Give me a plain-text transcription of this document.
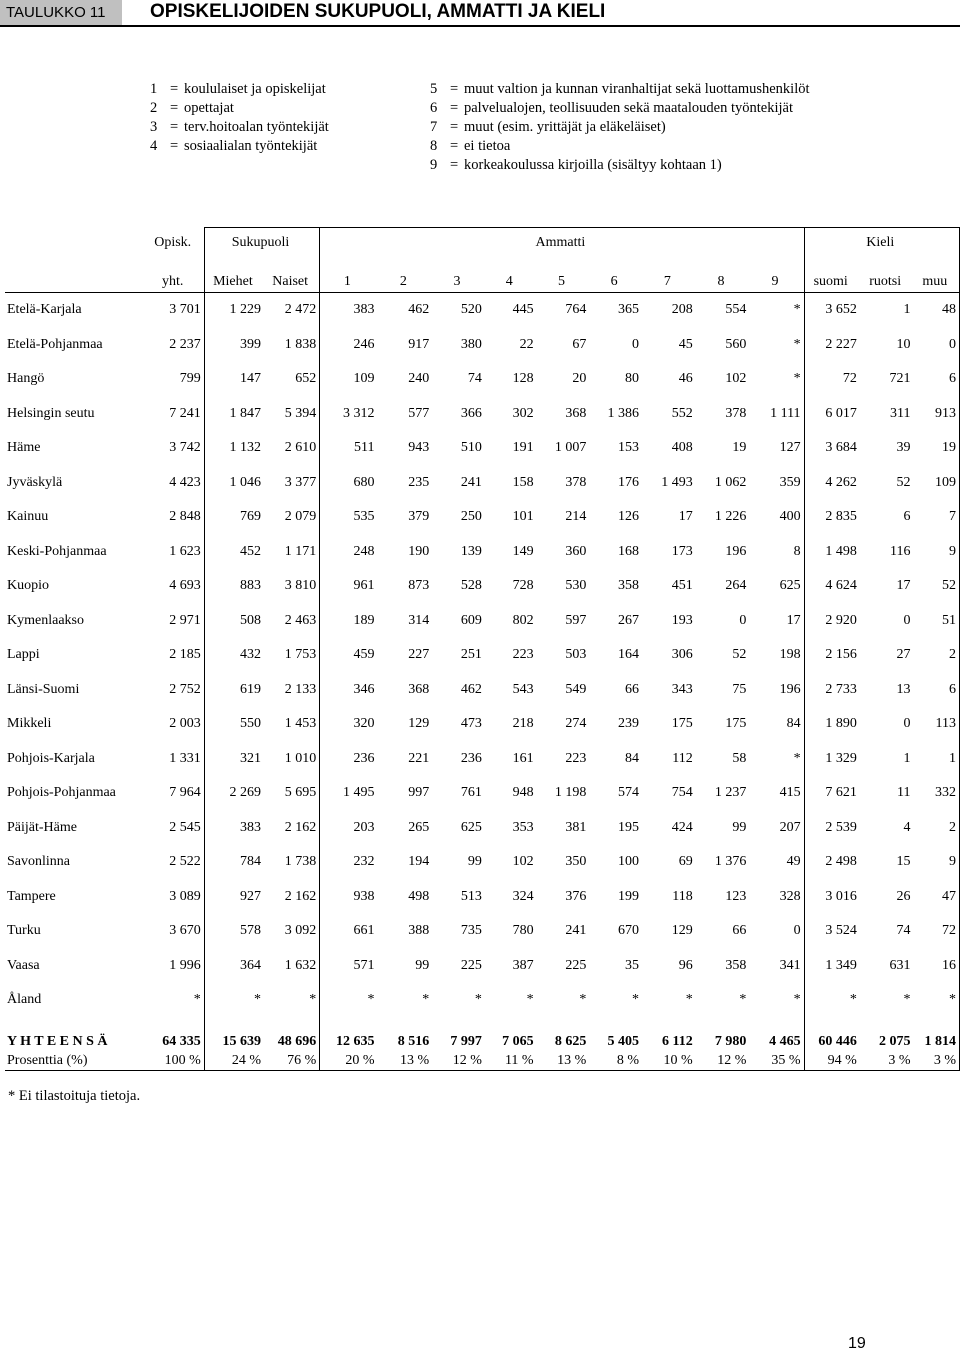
TAULUKKO 11	OPISKELIJOIDEN SUKUPUOLI, AMMATTI JA KIELI
1 = koululaiset ja opiskelijat
2 = opettajat
3 = terv.hoitoalan työntekijät
4 = sosiaalialan työntekijät
5 = muut valtion ja kunnan viranhaltijat sekä luottamushenkilöt
6 = palvelualojen, teollisuuden sekä maatalouden työntekijät
7 = muut (esim. yrittäjät ja eläkeläiset)
8 = ei tietoa
9 = korkeakoulussa kirjoilla (sisältyy kohtaan 1)
	Opisk.	Sukupuoli		Ammatti									Kieli		
	yht.	Miehet	Naiset	1	2	3	4	5	6	7	8	9	suomi	ruotsi	muu
Etelä-Karjala	3 701	1 229	2 472	383	462	520	445	764	365	208	554	*	3 652	1	48
Etelä-Pohjanmaa	2 237	399	1 838	246	917	380	22	67	0	45	560	*	2 227	10	0
Hangö	799	147	652	109	240	74	128	20	80	46	102	*	72	721	6
Helsingin seutu	7 241	1 847	5 394	3 312	577	366	302	368	1 386	552	378	1 111	6 017	311	913
Häme	3 742	1 132	2 610	511	943	510	191	1 007	153	408	19	127	3 684	39	19
Jyväskylä	4 423	1 046	3 377	680	235	241	158	378	176	1 493	1 062	359	4 262	52	109
Kainuu	2 848	769	2 079	535	379	250	101	214	126	17	1 226	400	2 835	6	7
Keski-Pohjanmaa	1 623	452	1 171	248	190	139	149	360	168	173	196	8	1 498	116	9
Kuopio	4 693	883	3 810	961	873	528	728	530	358	451	264	625	4 624	17	52
Kymenlaakso	2 971	508	2 463	189	314	609	802	597	267	193	0	17	2 920	0	51
Lappi	2 185	432	1 753	459	227	251	223	503	164	306	52	198	2 156	27	2
Länsi-Suomi	2 752	619	2 133	346	368	462	543	549	66	343	75	196	2 733	13	6
Mikkeli	2 003	550	1 453	320	129	473	218	274	239	175	175	84	1 890	0	113
Pohjois-Karjala	1 331	321	1 010	236	221	236	161	223	84	112	58	*	1 329	1	1
Pohjois-Pohjanmaa	7 964	2 269	5 695	1 495	997	761	948	1 198	574	754	1 237	415	7 621	11	332
Päijät-Häme	2 545	383	2 162	203	265	625	353	381	195	424	99	207	2 539	4	2
Savonlinna	2 522	784	1 738	232	194	99	102	350	100	69	1 376	49	2 498	15	9
Tampere	3 089	927	2 162	938	498	513	324	376	199	118	123	328	3 016	26	47
Turku	3 670	578	3 092	661	388	735	780	241	670	129	66	0	3 524	74	72
Vaasa	1 996	364	1 632	571	99	225	387	225	35	96	358	341	1 349	631	16
Åland	*	*	*	*	*	*	*	*	*	*	*	*	*	*	*
Y H T E E N S Ä	64 335	15 639	48 696	12 635	8 516	7 997	7 065	8 625	5 405	6 112	7 980	4 465	60 446	2 075	1 814
Prosenttia (%)	100 %	24 %	76 %	20 %	13 %	12 %	11 %	13 %	8 %	10 %	12 %	35 %	94 %	3 %	3 %
* Ei tilastoituja tietoja.
19
